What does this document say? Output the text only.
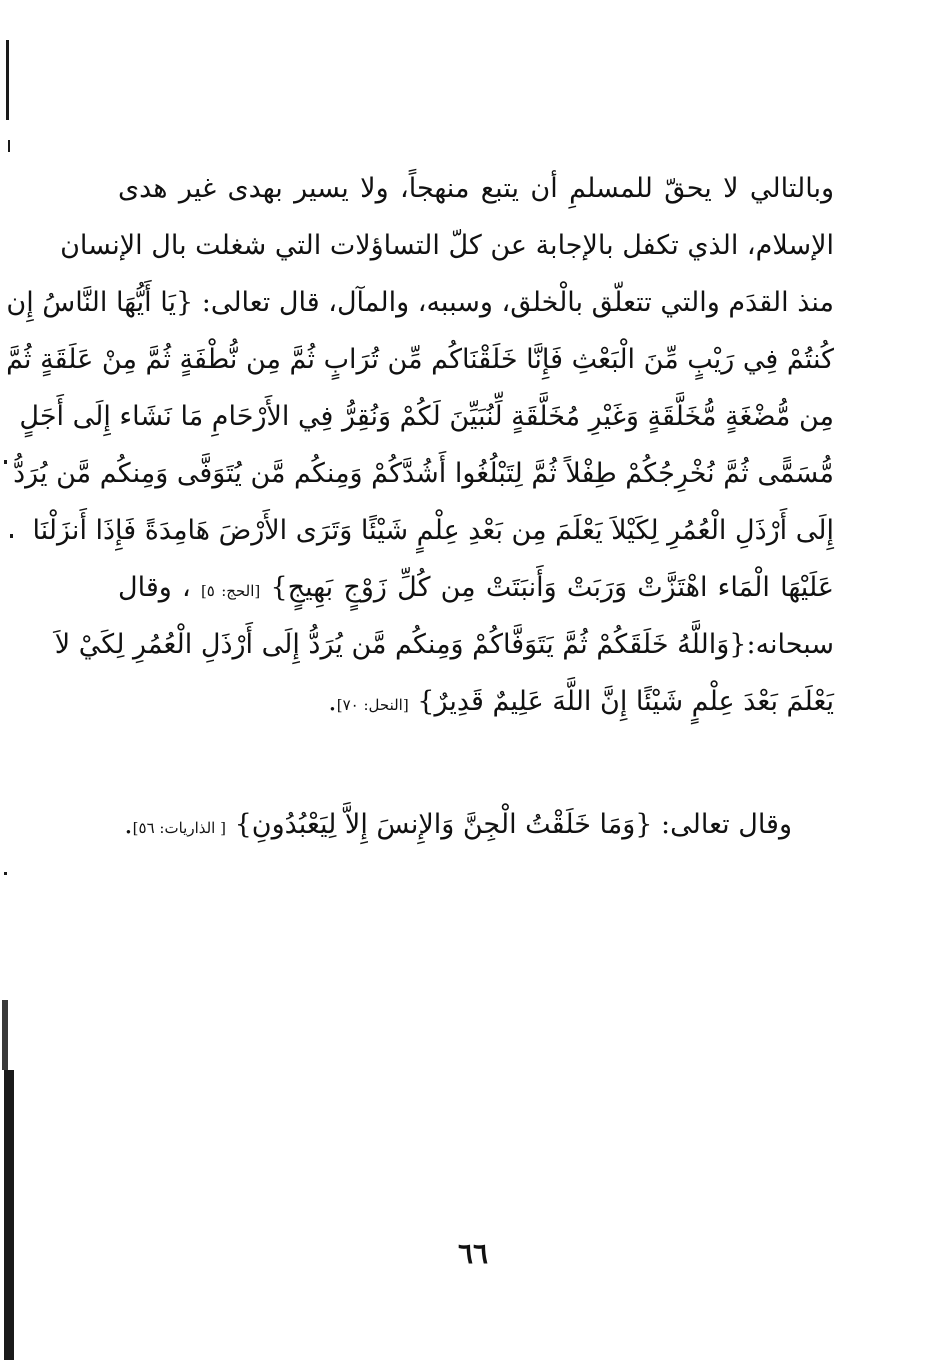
وبالتالي لا يحقّ للمسلمِ أن يتبع منهجاً، ولا يسير بهدى غير هدى
الإسلام، الذي تكفل بالإجابة عن كلّ التساؤلات التي شغلت بال الإنسان
منذ القدَم والتي تتعلّق بالْخلق، وسببه، والمآل، قال تعالى: {يَا أَيُّهَا النَّاسُ إِن
كُنتُمْ فِي رَيْبٍ مِّنَ الْبَعْثِ فَإِنَّا خَلَقْنَاكُم مِّن تُرَابٍ ثُمَّ مِن نُّطْفَةٍ ثُمَّ مِنْ عَلَقَةٍ ثُمَّ
مِن مُّضْغَةٍ مُّخَلَّقَةٍ وَغَيْرِ مُخَلَّقَةٍ لِّنُبَيِّنَ لَكُمْ وَنُقِرُّ فِي الأَرْحَامِ مَا نَشَاء إِلَى أَجَلٍ
مُّسَمًّى ثُمَّ نُخْرِجُكُمْ طِفْلاً ثُمَّ لِتَبْلُغُوا أَشُدَّكُمْ وَمِنكُم مَّن يُتَوَفَّى وَمِنكُم مَّن يُرَدُّ
إِلَى أَرْذَلِ الْعُمُرِ لِكَيْلاَ يَعْلَمَ مِن بَعْدِ عِلْمٍ شَيْئًا وَتَرَى الأَرْضَ هَامِدَةً فَإِذَا أَنزَلْنَا
عَلَيْهَا الْمَاء اهْتَزَّتْ وَرَبَتْ وَأَنبَتَتْ مِن كُلِّ زَوْجٍ بَهِيجٍ} [الحج: ٥] ، وقال
سبحانه:{وَاللَّهُ خَلَقَكُمْ ثُمَّ يَتَوَفَّاكُمْ وَمِنكُم مَّن يُرَدُّ إِلَى أَرْذَلِ الْعُمُرِ لِكَيْ لاَ
يَعْلَمَ بَعْدَ عِلْمٍ شَيْئًا إِنَّ اللَّهَ عَلِيمٌ قَدِيرٌ} [النحل: ٧٠].
وقال تعالى: {وَمَا خَلَقْتُ الْجِنَّ وَالإِنسَ إِلاَّ لِيَعْبُدُونِ} [ الذاريات: ٥٦].
٦٦
